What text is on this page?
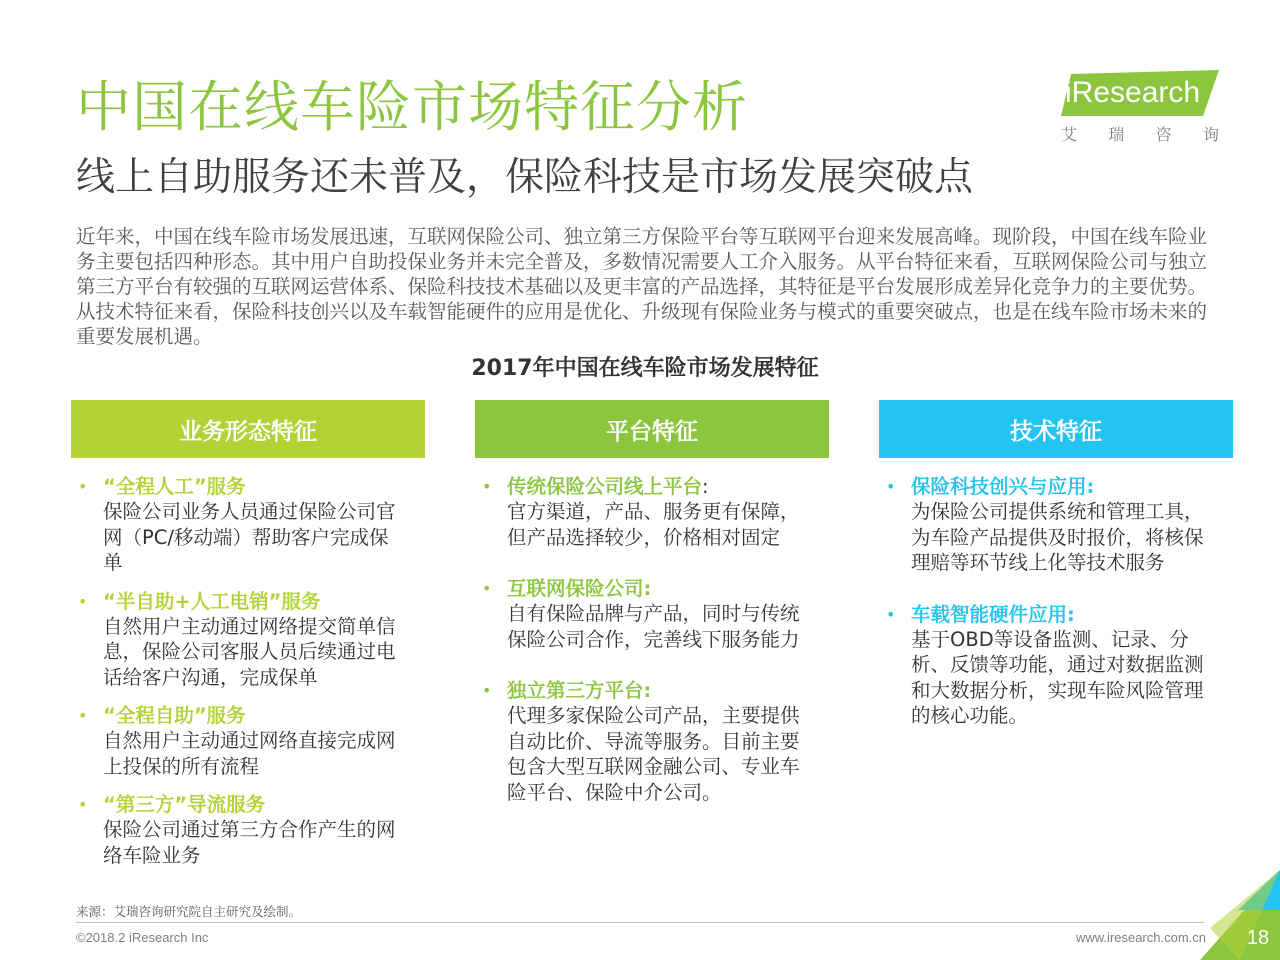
中国在线车险市场特征分析
线上自助服务还未普及，保险科技是市场发展突破点
iResearch
艾 瑞 咨 询
近年来，中国在线车险市场发展迅速，互联网保险公司、独立第三方保险平台等互联网平台迎来发展高峰。现阶段，中国在线车险业务主要包括四种形态。其中用户自助投保业务并未完全普及，多数情况需要人工介入服务。从平台特征来看，互联网保险公司与独立第三方平台有较强的互联网运营体系、保险科技技术基础以及更丰富的产品选择，其特征是平台发展形成差异化竞争力的主要优势。从技术特征来看，保险科技创兴以及车载智能硬件的应用是优化、升级现有保险业务与模式的重要突破点，也是在线车险市场未来的重要发展机遇。
2017年中国在线车险市场发展特征
业务形态特征	平台特征	技术特征
• “全程人工”服务
保险公司业务人员通过保险公司官网（PC/移动端）帮助客户完成保单
• “半自助+人工电销”服务
自然用户主动通过网络提交简单信息，保险公司客服人员后续通过电话给客户沟通，完成保单
• “全程自助”服务
自然用户主动通过网络直接完成网上投保的所有流程
• “第三方”导流服务
保险公司通过第三方合作产生的网络车险业务
• 传统保险公司线上平台:
官方渠道，产品、服务更有保障，但产品选择较少，价格相对固定
• 互联网保险公司:
自有保险品牌与产品，同时与传统保险公司合作，完善线下服务能力
• 独立第三方平台:
代理多家保险公司产品，主要提供自动比价、导流等服务。目前主要包含大型互联网金融公司、专业车险平台、保险中介公司。
• 保险科技创兴与应用:
为保险公司提供系统和管理工具，为车险产品提供及时报价，将核保理赔等环节线上化等技术服务
• 车载智能硬件应用:
基于OBD等设备监测、记录、分析、反馈等功能，通过对数据监测和大数据分析，实现车险风险管理的核心功能。
来源：艾瑞咨询研究院自主研究及绘制。
©2018.2 iResearch Inc	www.iresearch.com.cn	18
